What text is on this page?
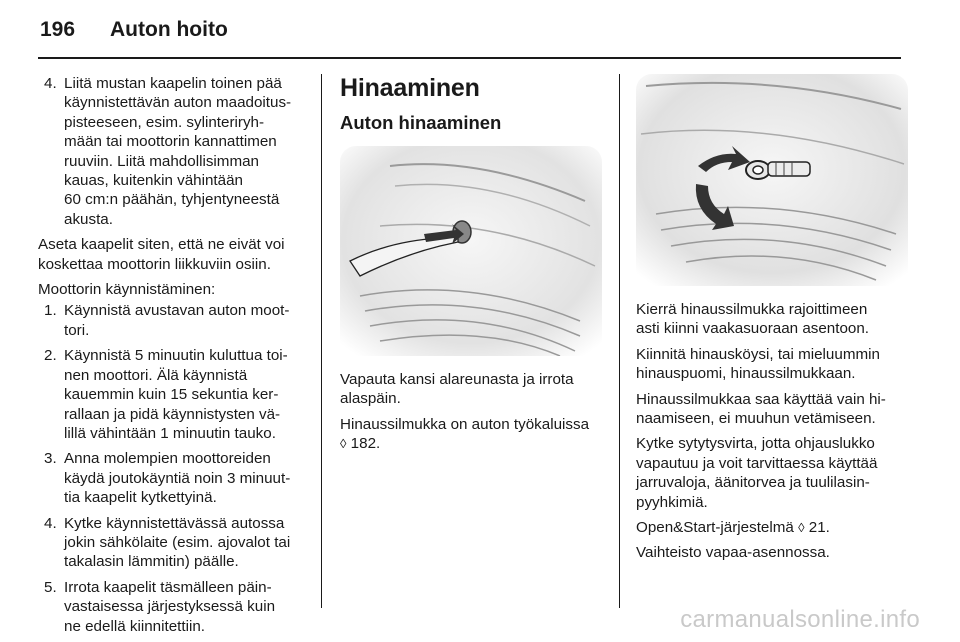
196	Auton hoito
4. Liitä mustan kaapelin toinen pää
käynnistettävän auton maadoitus-
pisteeseen, esim. sylinteriryh-
mään tai moottorin kannattimen
ruuviin. Liitä mahdollisimman
kauas, kuitenkin vähintään
60 cm:n päähän, tyhjentyneestä
akusta.

Aseta kaapelit siten, että ne eivät voi
koskettaa moottorin liikkuviin osiin.

Moottorin käynnistäminen:

1. Käynnistä avustavan auton moot-
tori.
2. Käynnistä 5 minuutin kuluttua toi-
nen moottori. Älä käynnistä
kauemmin kuin 15 sekuntia ker-
rallaan ja pidä käynnistysten vä-
lillä vähintään 1 minuutin tauko.
3. Anna molempien moottoreiden
käydä joutokäyntiä noin 3 minuut-
tia kaapelit kytkettyinä.
4. Kytke käynnistettävässä autossa
jokin sähkölaite (esim. ajovalot tai
takalasin lämmitin) päälle.
5. Irrota kaapelit täsmälleen päin-
vastaisessa järjestyksessä kuin
ne edellä kiinnitettiin.
Hinaaminen
Auton hinaaminen

Vapauta kansi alareunasta ja irrota
alaspäin.

Hinaussilmukka on auton työkaluissa
◊ 182.

Kierrä hinaussilmukka rajoittimeen
asti kiinni vaakasuoraan asentoon.

Kiinnitä hinausköysi, tai mieluummin
hinauspuomi, hinaussilmukkaan.

Hinaussilmukkaa saa käyttää vain hi-
naamiseen, ei muuhun vetämiseen.

Kytke sytytysvirta, jotta ohjauslukko
vapautuu ja voit tarvittaessa käyttää
jarruvaloja, äänitorvea ja tuulilasin-
pyyhkimiä.

Open&Start-järjestelmä ◊ 21.

Vaihteisto vapaa-asennossa.

carmanualsonline.info
